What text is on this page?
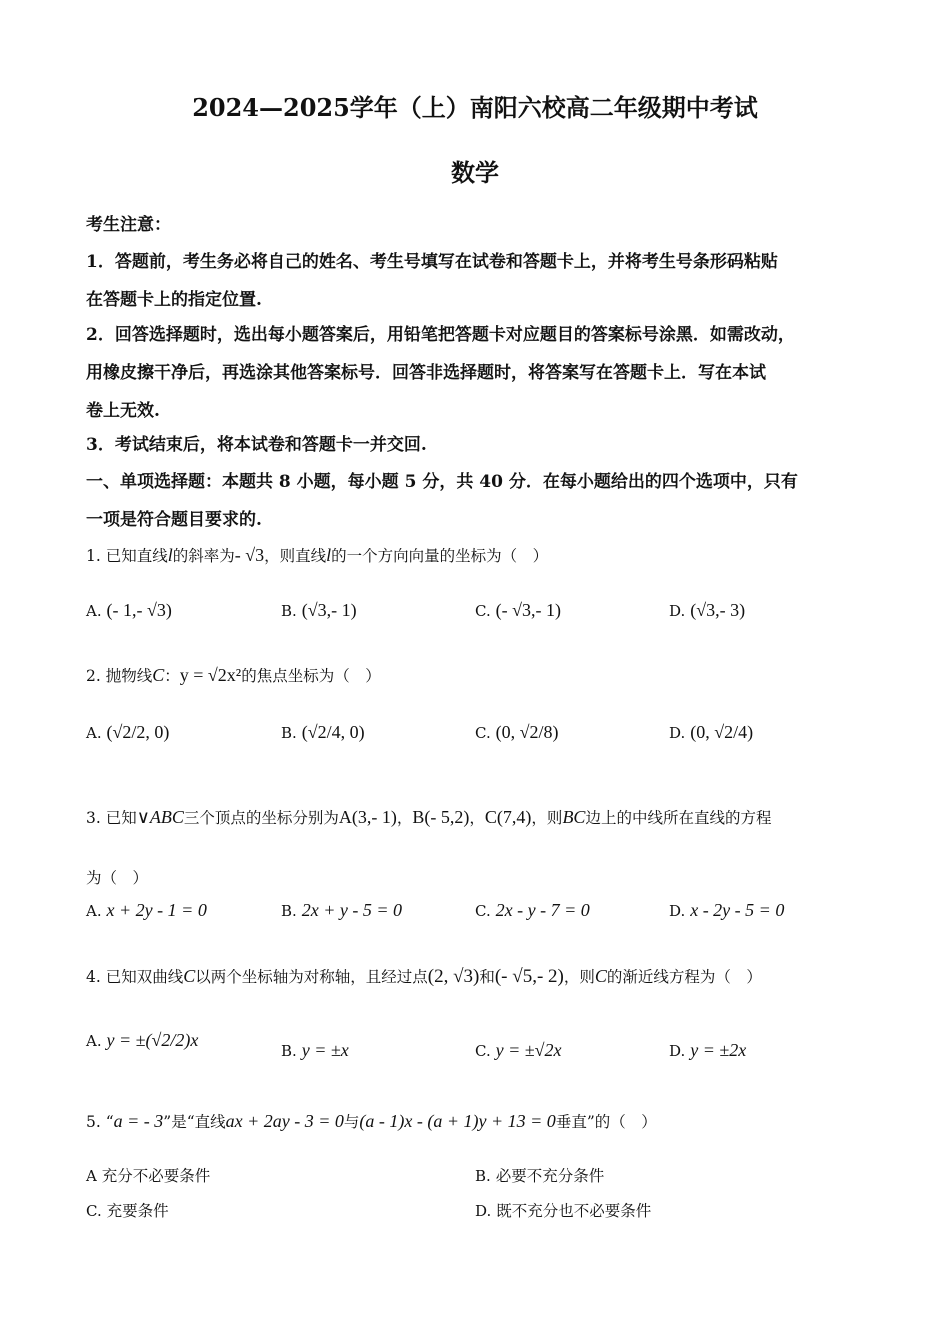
2024—2025学年（上）南阳六校高二年级期中考试
数学
考生注意：
1．答题前，考生务必将自己的姓名、考生号填写在试卷和答题卡上，并将考生号条形码粘贴
在答题卡上的指定位置.
2．回答选择题时，选出每小题答案后，用铅笔把答题卡对应题目的答案标号涂黑．如需改动，
用橡皮擦干净后，再选涂其他答案标号．回答非选择题时，将答案写在答题卡上．写在本试
卷上无效.
3．考试结束后，将本试卷和答题卡一并交回.
一、单项选择题：本题共 8 小题，每小题 5 分，共 40 分．在每小题给出的四个选项中，只有
一项是符合题目要求的.
1. 已知直线l的斜率为- √3，则直线l的一个方向向量的坐标为（　）
A. (- 1,- √3)	B. (√3,- 1)	C. (- √3,- 1)	D. (√3,- 3)
2. 抛物线C：y = √2x²的焦点坐标为（　）
A. (√2/2, 0)	B. (√2/4, 0)	C. (0, √2/8)	D. (0, √2/4)
3. 已知∨ABC三个顶点的坐标分别为A(3,- 1)，B(- 5,2)，C(7,4)，则BC边上的中线所在直线的方程
为（　）
A. x + 2y - 1 = 0	B. 2x + y - 5 = 0	C. 2x - y - 7 = 0	D. x - 2y - 5 = 0
4. 已知双曲线C以两个坐标轴为对称轴，且经过点(2, √3)和(- √5,- 2)，则C的渐近线方程为（　）
A. y = ±(√2/2)x
B. y = ±x	C. y = ±√2x	D. y = ±2x
5. “a = - 3”是“直线ax + 2ay - 3 = 0与(a - 1)x - (a + 1)y + 13 = 0垂直”的（　）
A 充分不必要条件	B. 必要不充分条件
C. 充要条件	D. 既不充分也不必要条件
